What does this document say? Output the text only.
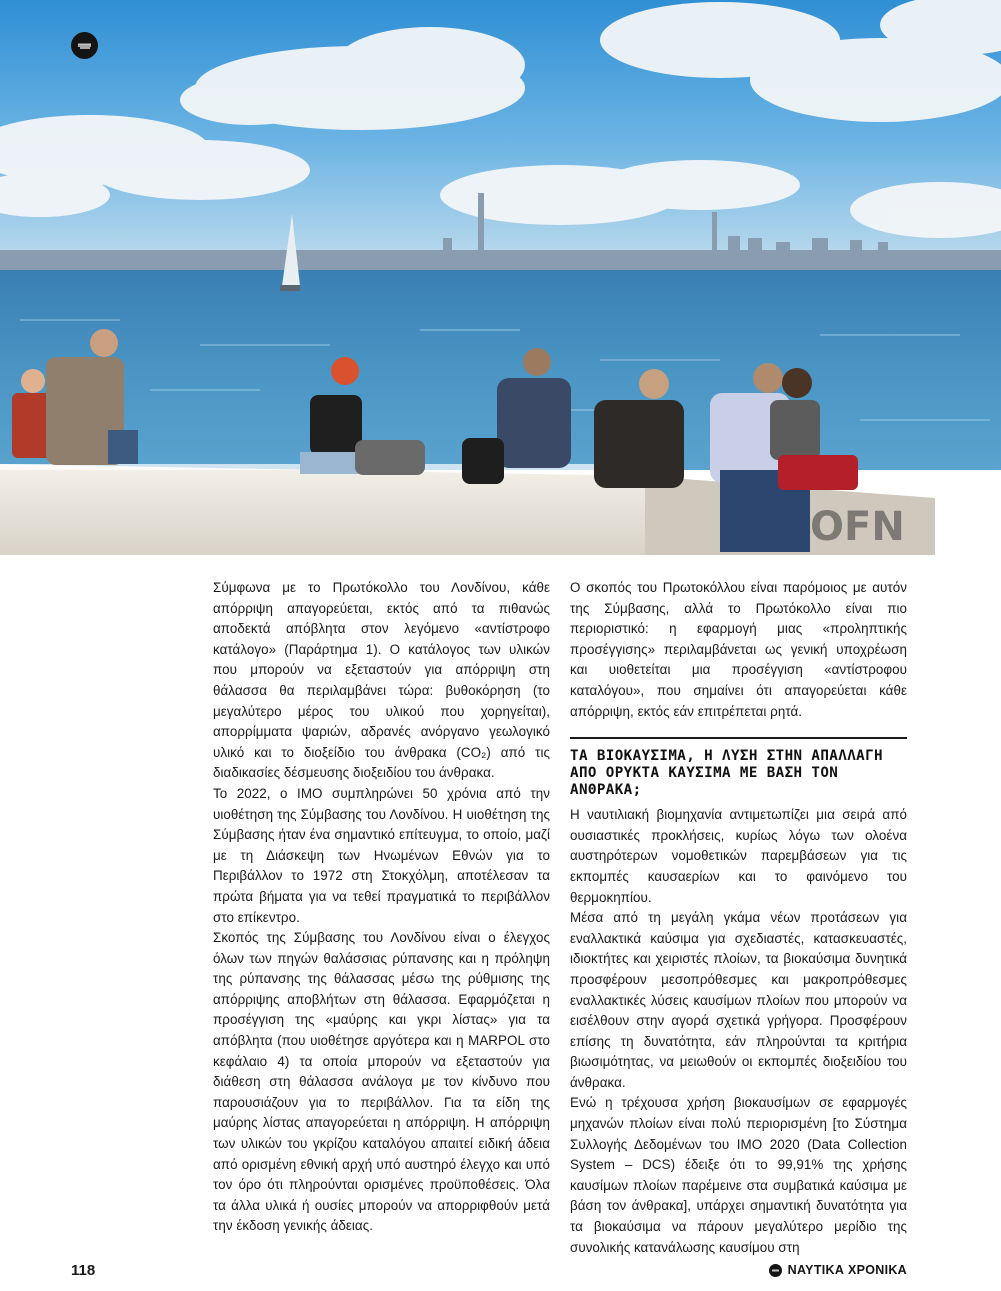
OFN

Σύμφωνα με το Πρωτόκολλο του Λονδίνου, κάθε απόρριψη απαγορεύεται, εκτός από τα πιθανώς αποδεκτά απόβλητα στον λεγόμενο «αντίστροφο κατάλογο» (Παράρτημα 1). Ο κατάλογος των υλικών που μπορούν να εξεταστούν για απόρριψη στη θάλασσα θα περιλαμβάνει τώρα: βυθοκόρηση (το μεγαλύτερο μέρος του υλικού που χορηγείται), απορρίμματα ψαριών, αδρανές ανόργανο γεωλογικό υλικό και το διοξείδιο του άνθρακα (CO₂) από τις διαδικασίες δέσμευσης διοξειδίου του άνθρακα.

Το 2022, ο ΙΜΟ συμπληρώνει 50 χρόνια από την υιοθέτηση της Σύμβασης του Λονδίνου. Η υιοθέτηση της Σύμβασης ήταν ένα σημαντικό επίτευγμα, το οποίο, μαζί με τη Διάσκεψη των Ηνωμένων Εθνών για το Περιβάλλον το 1972 στη Στοκχόλμη, αποτέλεσαν τα πρώτα βήματα για να τεθεί πραγματικά το περιβάλλον στο επίκεντρο.

Σκοπός της Σύμβασης του Λονδίνου είναι ο έλεγχος όλων των πηγών θαλάσσιας ρύπανσης και η πρόληψη της ρύπανσης της θάλασσας μέσω της ρύθμισης της απόρριψης αποβλήτων στη θάλασσα. Εφαρμόζεται η προσέγγιση της «μαύρης και γκρι λίστας» για τα απόβλητα (που υιοθέτησε αργότερα και η MARPOL στο κεφάλαιο 4) τα οποία μπορούν να εξεταστούν για διάθεση στη θάλασσα ανάλογα με τον κίνδυνο που παρουσιάζουν για το περιβάλλον. Για τα είδη της μαύρης λίστας απαγορεύεται η απόρριψη. Η απόρριψη των υλικών του γκρίζου καταλόγου απαιτεί ειδική άδεια από ορισμένη εθνική αρχή υπό αυστηρό έλεγχο και υπό τον όρο ότι πληρούνται ορισμένες προϋποθέσεις. Όλα τα άλλα υλικά ή ουσίες μπορούν να απορριφθούν μετά την έκδοση γενικής άδειας.

Ο σκοπός του Πρωτοκόλλου είναι παρόμοιος με αυτόν της Σύμβασης, αλλά το Πρωτόκολλο είναι πιο περιοριστικό: η εφαρμογή μιας «προληπτικής προσέγγισης» περιλαμβάνεται ως γενική υποχρέωση και υιοθετείται μια προσέγγιση «αντίστροφου καταλόγου», που σημαίνει ότι απαγορεύεται κάθε απόρριψη, εκτός εάν επιτρέπεται ρητά.

ΤΑ ΒΙΟΚΑΥΣΙΜΑ, Η ΛΥΣΗ ΣΤΗΝ ΑΠΑΛΛΑΓΗ ΑΠΟ ΟΡΥΚΤΑ ΚΑΥΣΙΜΑ ΜΕ ΒΑΣΗ ΤΟΝ ΑΝΘΡΑΚΑ;

Η ναυτιλιακή βιομηχανία αντιμετωπίζει μια σειρά από ουσιαστικές προκλήσεις, κυρίως λόγω των ολοένα αυστηρότερων νομοθετικών παρεμβάσεων για τις εκπομπές καυσαερίων και το φαινόμενο του θερμοκηπίου.

Μέσα από τη μεγάλη γκάμα νέων προτάσεων για εναλλακτικά καύσιμα για σχεδιαστές, κατασκευαστές, ιδιοκτήτες και χειριστές πλοίων, τα βιοκαύσιμα δυνητικά προσφέρουν μεσοπρόθεσμες και μακροπρόθεσμες εναλλακτικές λύσεις καυσίμων πλοίων που μπορούν να εισέλθουν στην αγορά σχετικά γρήγορα. Προσφέρουν επίσης τη δυνατότητα, εάν πληρούνται τα κριτήρια βιωσιμότητας, να μειωθούν οι εκπομπές διοξειδίου του άνθρακα.

Ενώ η τρέχουσα χρήση βιοκαυσίμων σε εφαρμογές μηχανών πλοίων είναι πολύ περιορισμένη [το Σύστημα Συλλογής Δεδομένων του ΙΜΟ 2020 (Data Collection System – DCS) έδειξε ότι το 99,91% της χρήσης καυσίμων πλοίων παρέμεινε στα συμβατικά καύσιμα με βάση τον άνθρακα], υπάρχει σημαντική δυνατότητα για τα βιοκαύσιμα να πάρουν μεγαλύτερο μερίδιο της συνολικής κατανάλωσης καυσίμου στη

118	ΝΑΥΤΙΚΑ ΧΡΟΝΙΚΑ
